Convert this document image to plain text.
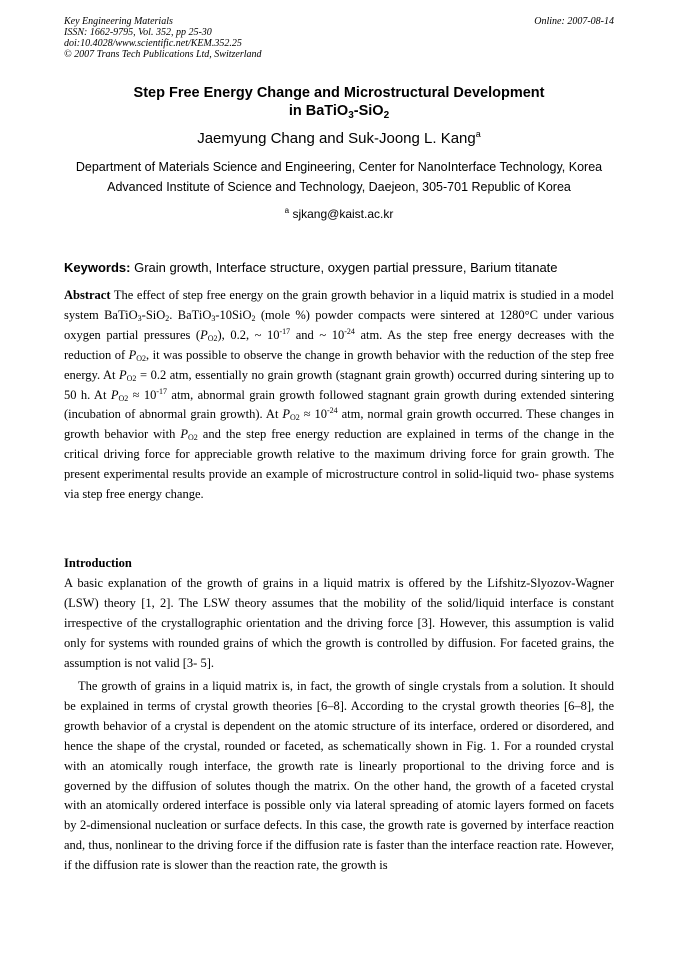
Key Engineering Materials
ISSN: 1662-9795, Vol. 352, pp 25-30
doi:10.4028/www.scientific.net/KEM.352.25
© 2007 Trans Tech Publications Ltd, Switzerland
Online: 2007-08-14
Step Free Energy Change and Microstructural Development
in BaTiO$_3$-SiO$_2$
Jaemyung Chang and Suk-Joong L. Kang$^a$
Department of Materials Science and Engineering, Center for NanoInterface Technology, Korea
Advanced Institute of Science and Technology, Daejeon, 305-701 Republic of Korea
$^a$ sjkang@kaist.ac.kr
Keywords: Grain growth, Interface structure, oxygen partial pressure, Barium titanate
Abstract The effect of step free energy on the grain growth behavior in a liquid matrix is studied in a model system BaTiO$_3$-SiO$_2$. BaTiO$_3$-10SiO$_2$ (mole %) powder compacts were sintered at 1280°C under various oxygen partial pressures $(P_{O2})$, 0.2, ~ $10^{-17}$ and ~ $10^{-24}$ atm. As the step free energy decreases with the reduction of $P_{O2}$, it was possible to observe the change in growth behavior with the reduction of the step free energy. At $P_{O2} = 0.2$ atm, essentially no grain growth (stagnant grain growth) occurred during sintering up to 50 h. At $P_{O2} \approx 10^{-17}$ atm, abnormal grain growth followed stagnant grain growth during extended sintering (incubation of abnormal grain growth). At $P_{O2} \approx 10^{-24}$ atm, normal grain growth occurred. These changes in growth behavior with $P_{O2}$ and the step free energy reduction are explained in terms of the change in the critical driving force for appreciable growth relative to the maximum driving force for grain growth. The present experimental results provide an example of microstructure control in solid-liquid two- phase systems via step free energy change.
Introduction
A basic explanation of the growth of grains in a liquid matrix is offered by the Lifshitz-Slyozov-Wagner (LSW) theory [1, 2]. The LSW theory assumes that the mobility of the solid/liquid interface is constant irrespective of the crystallographic orientation and the driving force [3]. However, this assumption is valid only for systems with rounded grains of which the growth is controlled by diffusion. For faceted grains, the assumption is not valid [3- 5].
The growth of grains in a liquid matrix is, in fact, the growth of single crystals from a solution. It should be explained in terms of crystal growth theories [6–8]. According to the crystal growth theories [6–8], the growth behavior of a crystal is dependent on the atomic structure of its interface, ordered or disordered, and hence the shape of the crystal, rounded or faceted, as schematically shown in Fig. 1. For a rounded crystal with an atomically rough interface, the growth rate is linearly proportional to the driving force and is governed by the diffusion of solutes though the matrix. On the other hand, the growth of a faceted crystal with an atomically ordered interface is possible only via lateral spreading of atomic layers formed on facets by 2-dimensional nucleation or surface defects. In this case, the growth rate is governed by interface reaction and, thus, nonlinear to the driving force if the diffusion rate is faster than the interface reaction rate. However, if the diffusion rate is slower than the reaction rate, the growth is
